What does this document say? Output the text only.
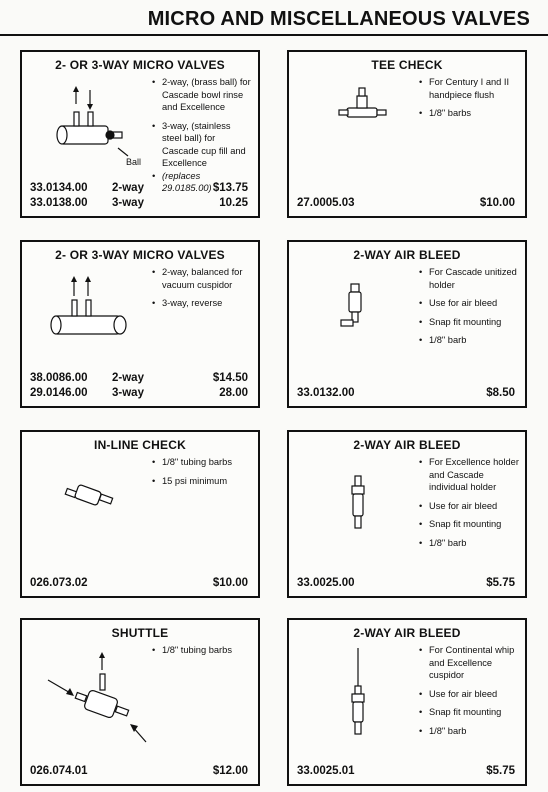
MICRO AND MISCELLANEOUS VALVES
2- OR 3-WAY MICRO VALVES
Ball
• 2-way, (brass ball) for Cascade bowl rinse and Excellence
• 3-way, (stainless steel ball) for Cascade cup fill and Excellence
• (replaces 29.0185.00)
33.0134.00	2-way	$13.75
33.0138.00	3-way	10.25
TEE CHECK
• For Century I and II handpiece flush
• 1/8" barbs
27.0005.03	$10.00
2- OR 3-WAY MICRO VALVES
• 2-way, balanced for vacuum cuspidor
• 3-way, reverse
38.0086.00	2-way	$14.50
29.0146.00	3-way	28.00
2-WAY AIR BLEED
• For Cascade unitized holder
• Use for air bleed
• Snap fit mounting
• 1/8" barb
33.0132.00	$8.50
IN-LINE CHECK
• 1/8" tubing barbs
• 15 psi minimum
026.073.02	$10.00
2-WAY AIR BLEED
• For Excellence holder and Cascade individual holder
• Use for air bleed
• Snap fit mounting
• 1/8" barb
33.0025.00	$5.75
SHUTTLE
• 1/8" tubing barbs
026.074.01	$12.00
2-WAY AIR BLEED
• For Continental whip and Excellence cuspidor
• Use for air bleed
• Snap fit mounting
• 1/8" barb
33.0025.01	$5.75
